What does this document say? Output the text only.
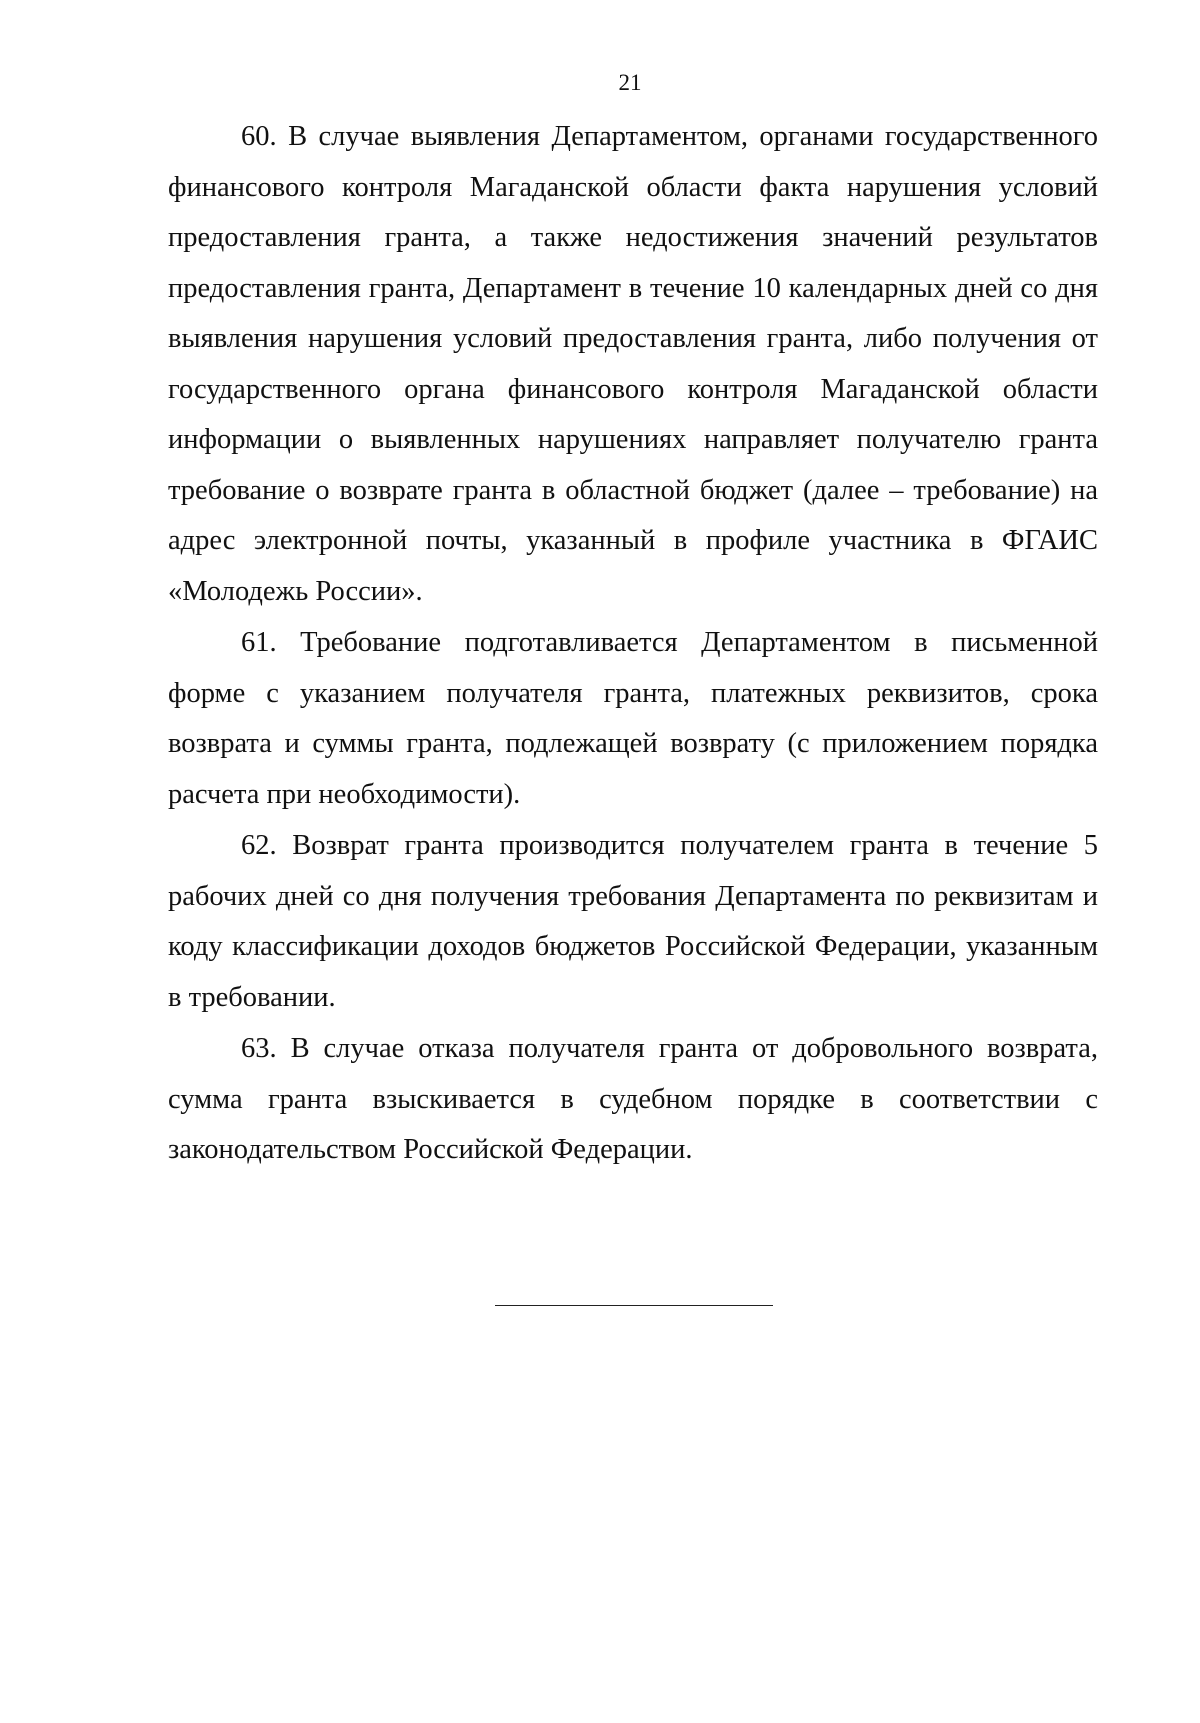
21

60. В случае выявления Департаментом, органами государственного финансового контроля Магаданской области факта нарушения условий предоставления гранта, а также недостижения значений результатов предоставления гранта, Департамент в течение 10 календарных дней со дня выявления нарушения условий предоставления гранта, либо получения от государственного органа финансового контроля Магаданской области информации о выявленных нарушениях направляет получателю гранта требование о возврате гранта в областной бюджет (далее – требование) на адрес электронной почты, указанный в профиле участника в ФГАИС «Молодежь России».

61. Требование подготавливается Департаментом в письменной форме с указанием получателя гранта, платежных реквизитов, срока возврата и суммы гранта, подлежащей возврату (с приложением порядка расчета при необходимости).

62. Возврат гранта производится получателем гранта в течение 5 рабочих дней со дня получения требования Департамента по реквизитам и коду классификации доходов бюджетов Российской Федерации, указанным в требовании.

63. В случае отказа получателя гранта от добровольного возврата, сумма гранта взыскивается в судебном порядке в соответствии с законодательством Российской Федерации.
